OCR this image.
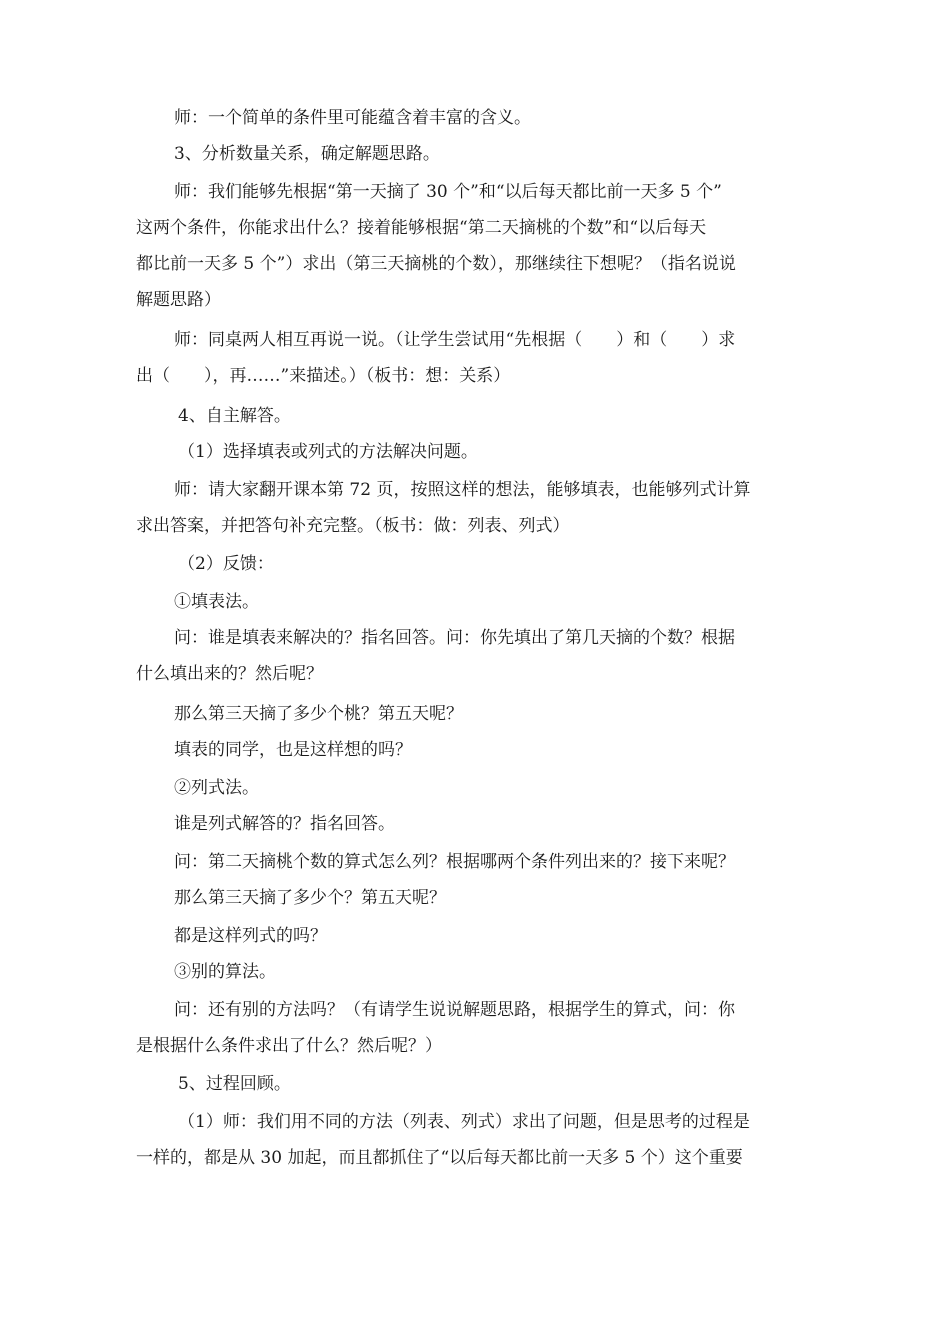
师：一个简单的条件里可能蕴含着丰富的含义。

3、分析数量关系，确定解题思路。

师：我们能够先根据“第一天摘了 30 个”和“以后每天都比前一天多 5 个”
这两个条件，你能求出什么？接着能够根据“第二天摘桃的个数”和“以后每天
都比前一天多 5 个”）求出（第三天摘桃的个数），那继续往下想呢？（指名说说
解题思路）

师：同桌两人相互再说一说。（让学生尝试用“先根据（　　）和（　　）求
出（　　），再……”来描述。）（板书：想：关系）

4、自主解答。

（1）选择填表或列式的方法解决问题。

师：请大家翻开课本第 72 页，按照这样的想法，能够填表，也能够列式计算
求出答案，并把答句补充完整。（板书：做：列表、列式）

（2）反馈：

①填表法。

问：谁是填表来解决的？指名回答。问：你先填出了第几天摘的个数？根据
什么填出来的？然后呢？

那么第三天摘了多少个桃？第五天呢？

填表的同学，也是这样想的吗？

②列式法。

谁是列式解答的？指名回答。

问：第二天摘桃个数的算式怎么列？根据哪两个条件列出来的？接下来呢？

那么第三天摘了多少个？第五天呢？

都是这样列式的吗？

③别的算法。

问：还有别的方法吗？（有请学生说说解题思路，根据学生的算式，问：你
是根据什么条件求出了什么？然后呢？）

5、过程回顾。

（1）师：我们用不同的方法（列表、列式）求出了问题，但是思考的过程是
一样的，都是从 30 加起，而且都抓住了“以后每天都比前一天多 5 个）这个重要
